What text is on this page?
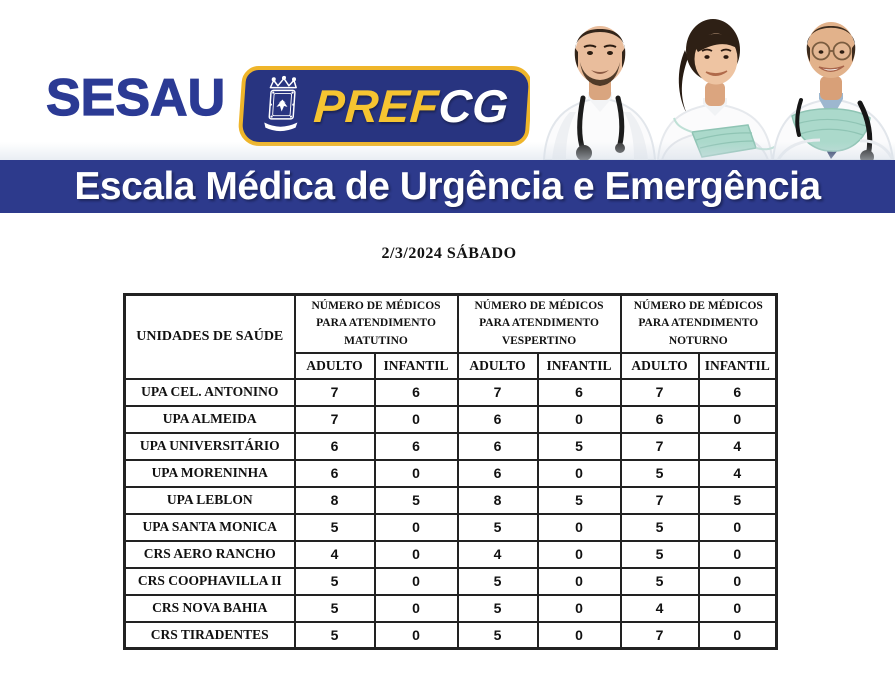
SESAU PREFCG
Escala Médica de Urgência e Emergência
2/3/2024 SÁBADO
UNIDADES DE SAÚDE	NÚMERO DE MÉDICOS PARA ATENDIMENTO MATUTINO		NÚMERO DE MÉDICOS PARA ATENDIMENTO VESPERTINO		NÚMERO DE MÉDICOS PARA ATENDIMENTO NOTURNO	
	ADULTO	INFANTIL	ADULTO	INFANTIL	ADULTO	INFANTIL
UPA CEL. ANTONINO	7	6	7	6	7	6
UPA ALMEIDA	7	0	6	0	6	0
UPA UNIVERSITÁRIO	6	6	6	5	7	4
UPA MORENINHA	6	0	6	0	5	4
UPA LEBLON	8	5	8	5	7	5
UPA SANTA MONICA	5	0	5	0	5	0
CRS AERO RANCHO	4	0	4	0	5	0
CRS COOPHAVILLA II	5	0	5	0	5	0
CRS NOVA BAHIA	5	0	5	0	4	0
CRS TIRADENTES	5	0	5	0	7	0
